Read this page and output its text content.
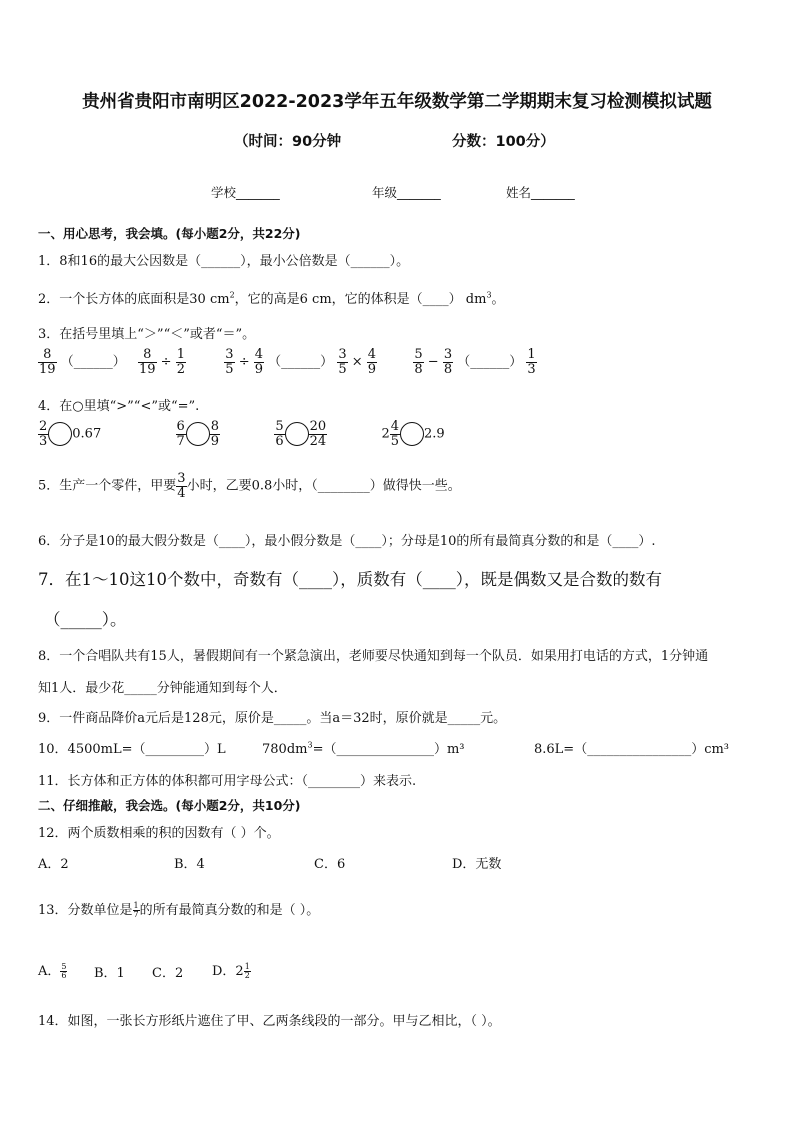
贵州省贵阳市南明区2022-2023学年五年级数学第二学期期末复习检测模拟试题
（时间：90分钟	分数：100分）
学校_______	年级_______	姓名_______
一、用心思考，我会填。(每小题2分，共22分)
1．8和16的最大公因数是（______），最小公倍数是（______）。
2．一个长方体的底面积是30 $cm^2$，它的高是6 cm，它的体积是（____） $dm^3$。
3．在括号里填上“＞”“＜”或者“＝”。
$\frac{8}{19}$ （______） $\frac{8}{19} \div \frac{1}{2}$
	$\frac{3}{5} \div \frac{4}{9}$ （______） $\frac{3}{5} \times \frac{4}{9}$
	$\frac{5}{8} - \frac{3}{8}$ （______） $\frac{1}{3}$
4．在○里填“>”“<”或“=”.
$\frac{2}{3} 0.67$	$\frac{6}{7} \frac{8}{9}$
	$\frac{5}{6} \frac{20}{24}$	$2 \frac{4}{5} 2.9$
5．生产一个零件，甲要 $\frac{3}{4}$ 小时，乙要0.8小时，（________）做得快一些。
6．分子是10的最大假分数是（____），最小假分数是（____）；分母是10的所有最简真分数的和是（____）.
7．在1～10这10个数中，奇数有（____），质数有（____），既是偶数又是合数的数有
（_____）。
8．一个合唱队共有15人，暑假期间有一个紧急演出，老师要尽快通知到每一个队员．如果用打电话的方式，1分钟通
知1人．最少花_____分钟能通知到每个人．
9．一件商品降价a元后是128元，原价是_____。当a＝32时，原价就是_____元。
10．4500mL=（_________）L	$780dm^3=(\_\_\_\_\_\_\_\_\_\_\_\_\_\_\_)m^3$	8.6L=（________________）cm³
11．长方体和正方体的体积都可用字母公式：（________）来表示.
二、仔细推敲，我会选。(每小题2分，共10分)
12．两个质数相乘的积的因数有（ ）个。
A．2	B．4	C．6	D．无数
13．分数单位是 $\frac{1}{7}$ 的所有最简真分数的和是（ ）。
A． $\frac{5}{6}$ B．1 C．2 D．$2 \frac{1}{2}$
14．如图，一张长方形纸片遮住了甲、乙两条线段的一部分。甲与乙相比，（ ）。
